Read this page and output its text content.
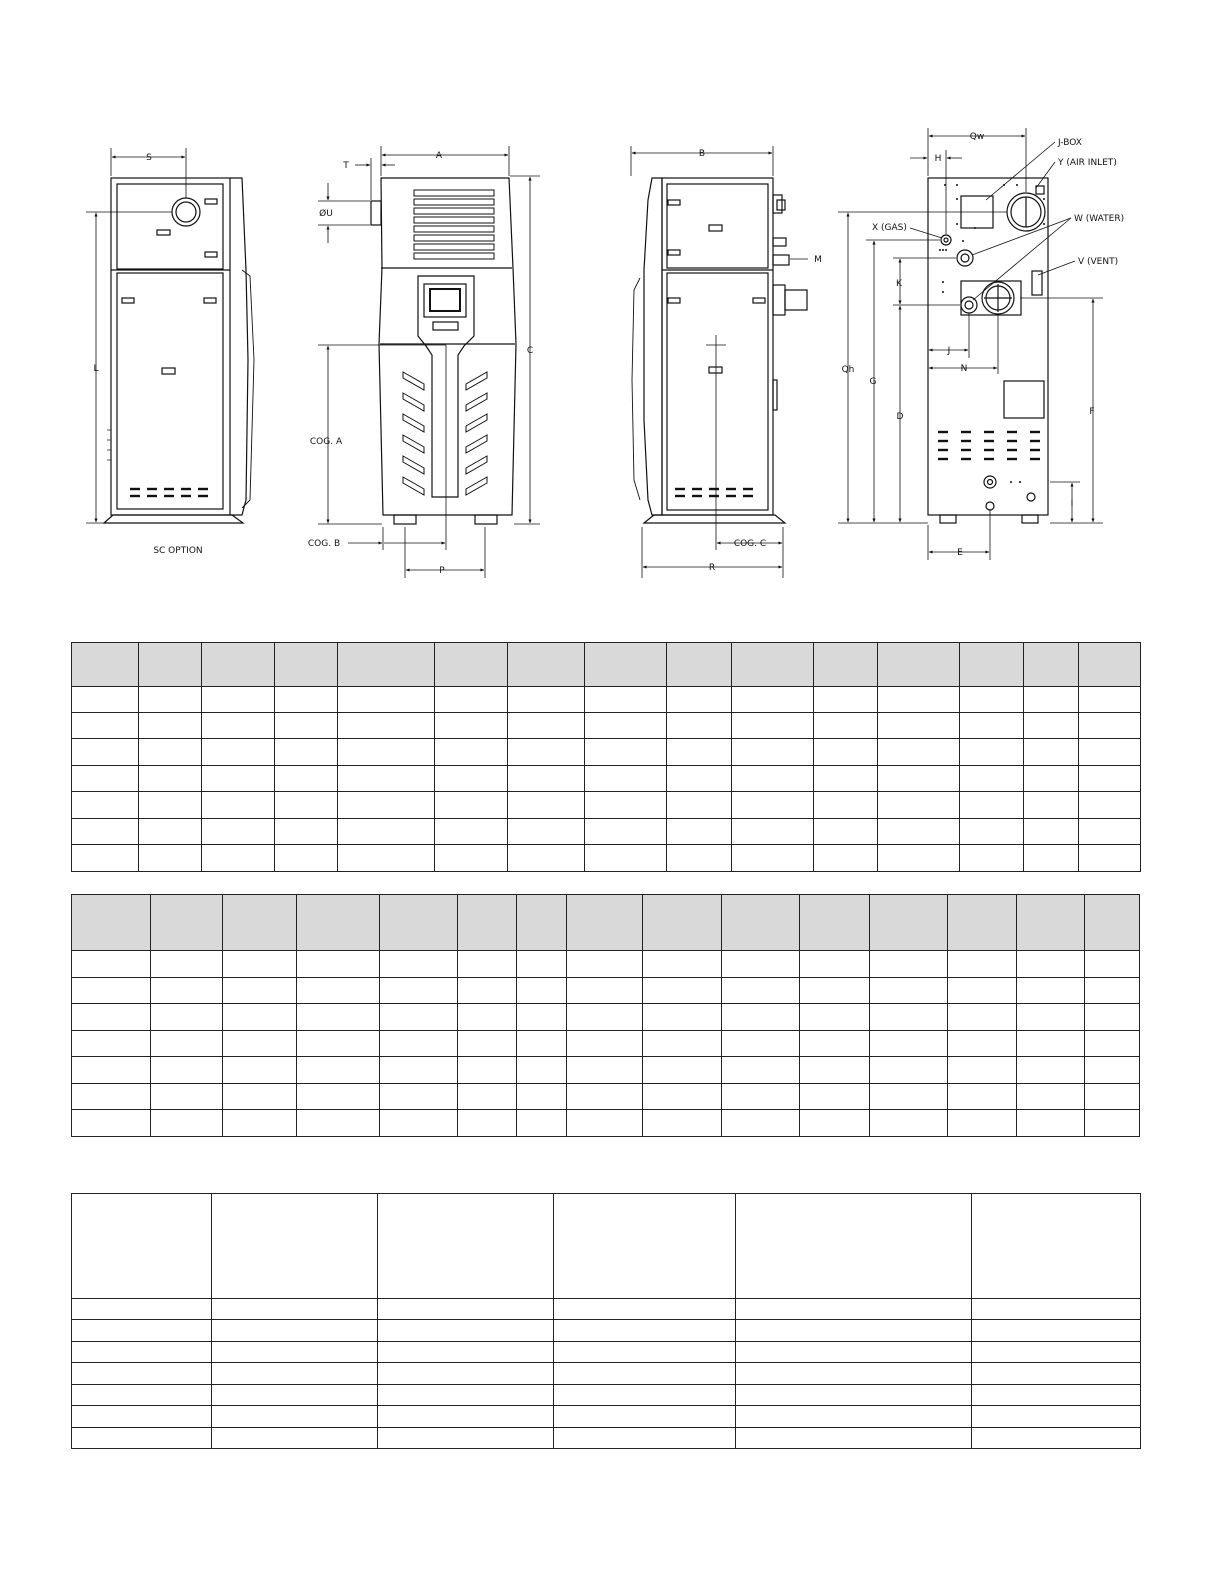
S
L
SC OPTION
A
T
ØU
C
COG. A
COG. B
P
B
M
COG. C
R
Qw
H
J-BOX
Y (AIR INLET)
X (GAS)
W (WATER)
V (VENT)
K
J
N
Qh
G
D	F
I
E
